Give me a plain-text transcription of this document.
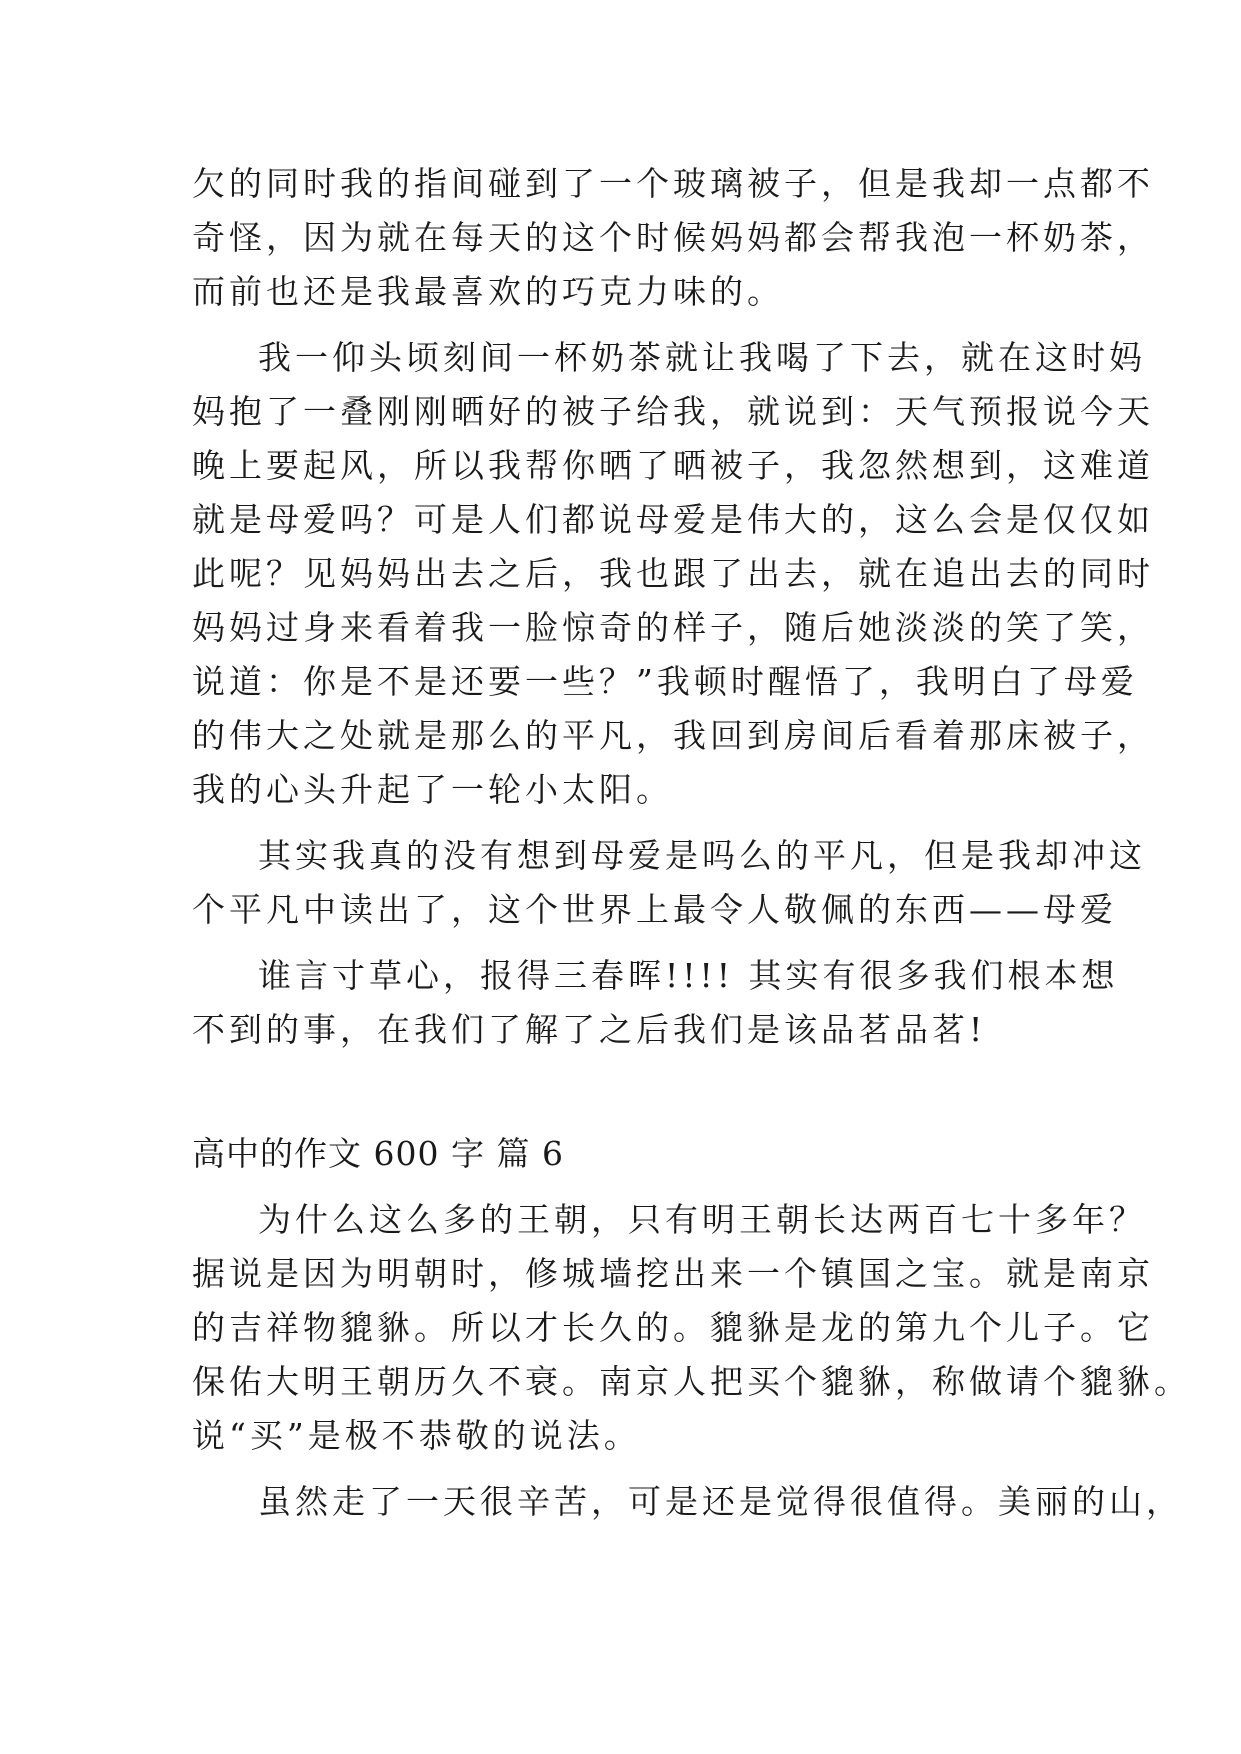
欠的同时我的指间碰到了一个玻璃被子，但是我却一点都不
奇怪，因为就在每天的这个时候妈妈都会帮我泡一杯奶茶，
而前也还是我最喜欢的巧克力味的。
我一仰头顷刻间一杯奶茶就让我喝了下去，就在这时妈
妈抱了一叠刚刚晒好的被子给我，就说到：天气预报说今天
晚上要起风，所以我帮你晒了晒被子，我忽然想到，这难道
就是母爱吗？可是人们都说母爱是伟大的，这么会是仅仅如
此呢？见妈妈出去之后，我也跟了出去，就在追出去的同时
妈妈过身来看着我一脸惊奇的样子，随后她淡淡的笑了笑，
说道：你是不是还要一些？”我顿时醒悟了，我明白了母爱
的伟大之处就是那么的平凡，我回到房间后看着那床被子，
我的心头升起了一轮小太阳。
其实我真的没有想到母爱是吗么的平凡，但是我却冲这
个平凡中读出了，这个世界上最令人敬佩的东西——母爱
谁言寸草心，报得三春晖!!!! 其实有很多我们根本想
不到的事，在我们了解了之后我们是该品茗品茗!
高中的作文 600 字 篇 6
为什么这么多的王朝，只有明王朝长达两百七十多年？
据说是因为明朝时，修城墙挖出来一个镇国之宝。就是南京
的吉祥物貔貅。所以才长久的。貔貅是龙的第九个儿子。它
保佑大明王朝历久不衰。南京人把买个貔貅，称做请个貔貅。
说“买”是极不恭敬的说法。
虽然走了一天很辛苦，可是还是觉得很值得。美丽的山，
